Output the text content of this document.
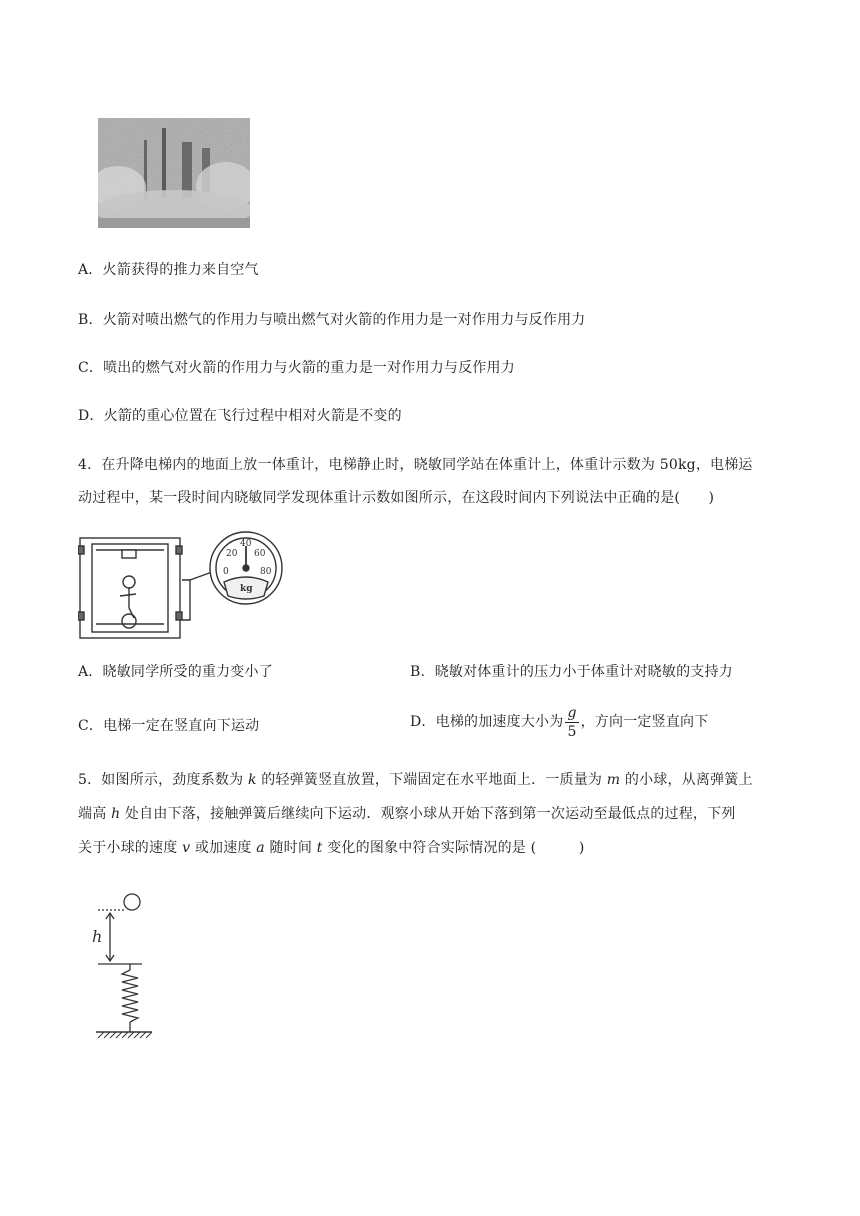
A．火箭获得的推力来自空气
B．火箭对喷出燃气的作用力与喷出燃气对火箭的作用力是一对作用力与反作用力
C．喷出的燃气对火箭的作用力与火箭的重力是一对作用力与反作用力
D．火箭的重心位置在飞行过程中相对火箭是不变的
4．在升降电梯内的地面上放一体重计，电梯静止时，晓敏同学站在体重计上，体重计示数为 50kg，电梯运
动过程中，某一段时间内晓敏同学发现体重计示数如图所示，在这段时间内下列说法中正确的是(　　)
0
20
40
60
80
kg
A．晓敏同学所受的重力变小了	B．晓敏对体重计的压力小于体重计对晓敏的支持力
C．电梯一定在竖直向下运动	D．电梯的加速度大小为 $\frac{g}{5}$ ，方向一定竖直向下
5．如图所示，劲度系数为 k 的轻弹簧竖直放置，下端固定在水平地面上．一质量为 m 的小球，从离弹簧上
端高 h 处自由下落，接触弹簧后继续向下运动．观察小球从开始下落到第一次运动至最低点的过程，下列
关于小球的速度 v 或加速度 a 随时间 t 变化的图象中符合实际情况的是 (　　　)
h
